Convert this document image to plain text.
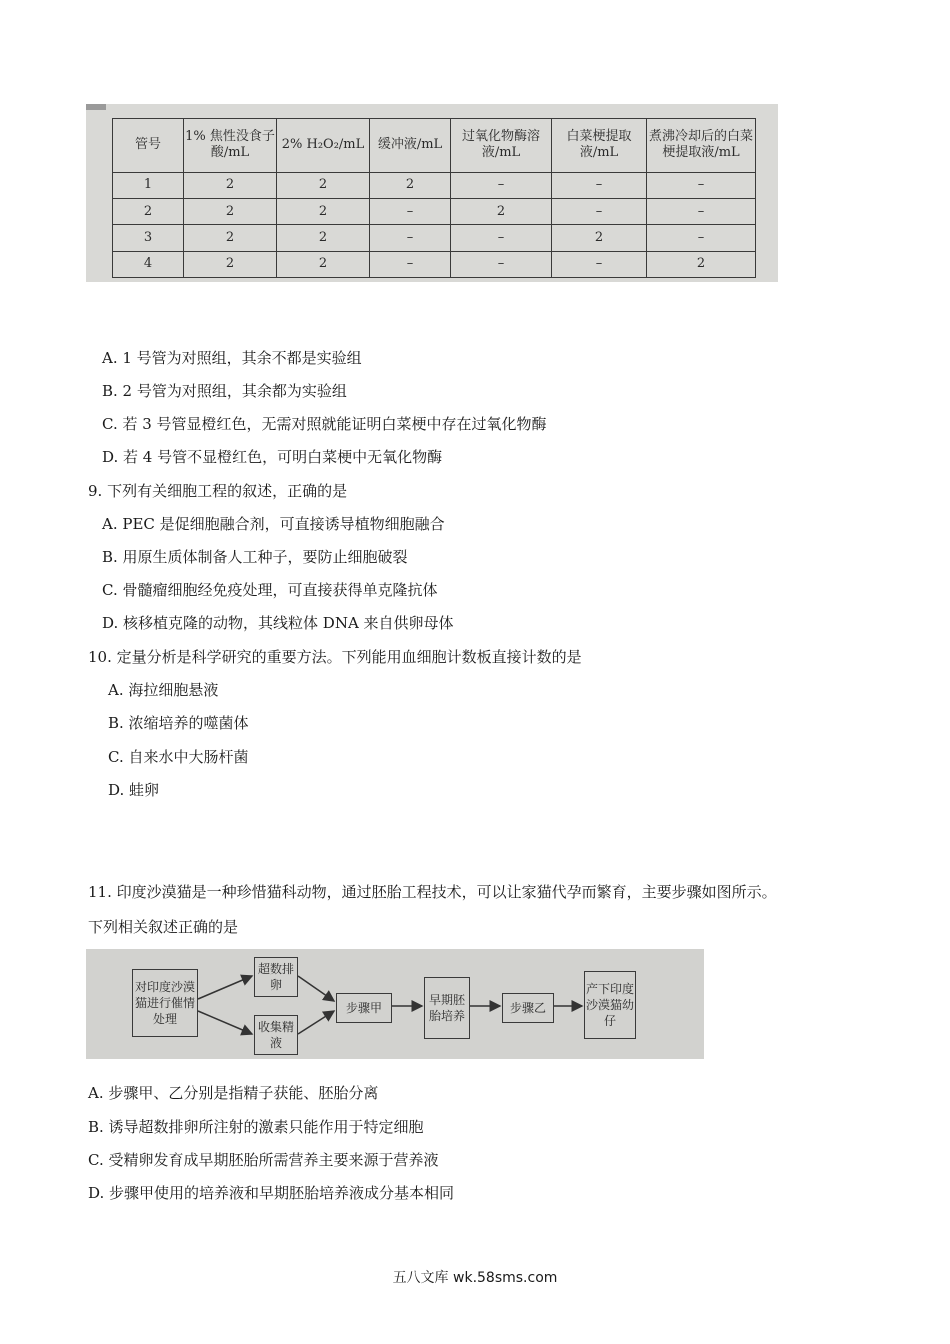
管号	1% 焦性没食子酸/mL	2% H₂O₂/mL	缓冲液/mL	过氧化物酶溶液/mL	白菜梗提取液/mL	煮沸冷却后的白菜梗提取液/mL
1	2	2	2	–	–	–
2	2	2	–	2	–	–
3	2	2	–	–	2	–
4	2	2	–	–	–	2
A. 1 号管为对照组，其余不都是实验组
B. 2 号管为对照组，其余都为实验组
C. 若 3 号管显橙红色，无需对照就能证明白菜梗中存在过氧化物酶
D. 若 4 号管不显橙红色，可明白菜梗中无氧化物酶
9. 下列有关细胞工程的叙述，正确的是
A. PEC 是促细胞融合剂，可直接诱导植物细胞融合
B. 用原生质体制备人工种子，要防止细胞破裂
C. 骨髓瘤细胞经免疫处理，可直接获得单克隆抗体
D. 核移植克隆的动物，其线粒体 DNA 来自供卵母体
10. 定量分析是科学研究的重要方法。下列能用血细胞计数板直接计数的是
A. 海拉细胞悬液
B. 浓缩培养的噬菌体
C. 自来水中大肠杆菌
D. 蛙卵
11. 印度沙漠猫是一种珍惜猫科动物，通过胚胎工程技术，可以让家猫代孕而繁育，主要步骤如图所示。
下列相关叙述正确的是
对印度沙漠猫进行催情处理
超数排卵
收集精液
步骤甲
早期胚胎培养
步骤乙
产下印度沙漠猫幼仔
A. 步骤甲、乙分别是指精子获能、胚胎分离
B. 诱导超数排卵所注射的激素只能作用于特定细胞
C. 受精卵发育成早期胚胎所需营养主要来源于营养液
D. 步骤甲使用的培养液和早期胚胎培养液成分基本相同
五八文库 wk.58sms.com
